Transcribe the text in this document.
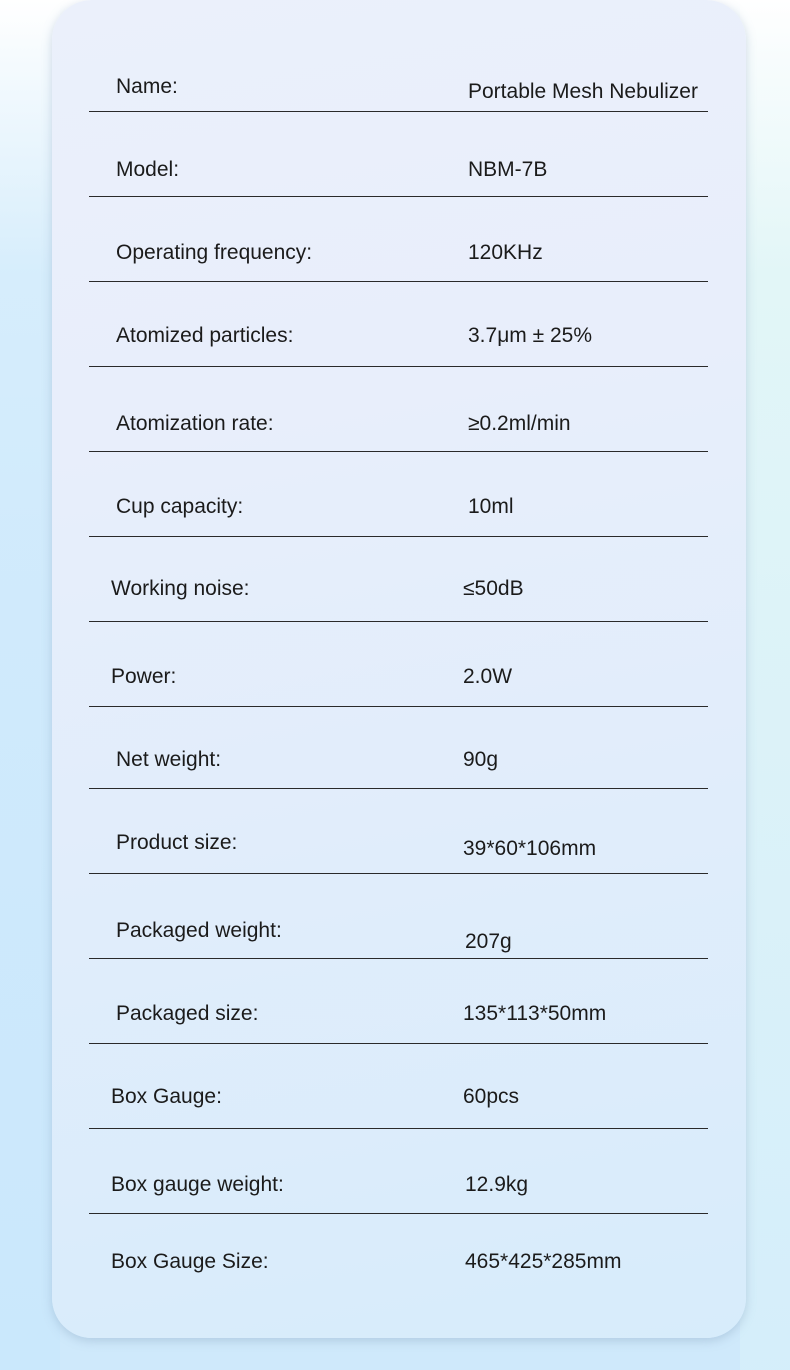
Name:	Portable Mesh Nebulizer
Model:	NBM-7B
Operating frequency:	120KHz
Atomized particles:	3.7μm ± 25%
Atomization rate:	≥0.2ml/min
Cup capacity:	10ml
Working noise:	≤50dB
Power:	2.0W
Net weight:	90g
Product size:	39*60*106mm
Packaged weight:	207g
Packaged size:	135*113*50mm
Box Gauge:	60pcs
Box gauge weight:	12.9kg
Box Gauge Size:	465*425*285mm
